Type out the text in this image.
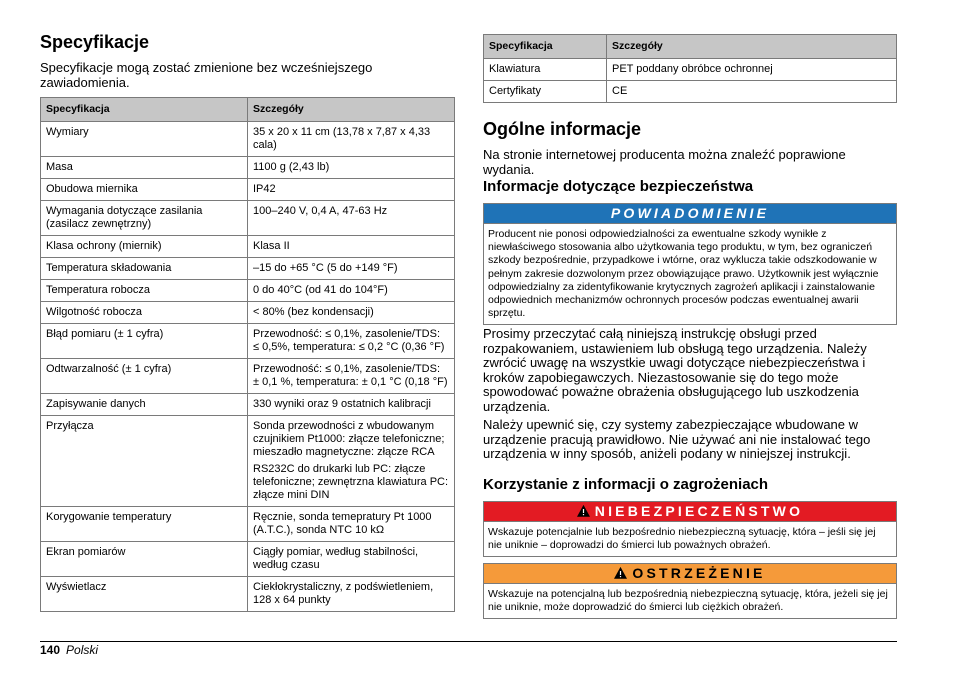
Specyfikacje

Specyfikacje mogą zostać zmienione bez wcześniejszego zawiadomienia.

Specyfikacja	Szczegóły
Wymiary	35 x 20 x 11 cm (13,78 x 7,87 x 4,33 cala)

Masa	1100 g (2,43 lb)

Obudowa miernika	IP42

Wymagania dotyczące zasilania (zasilacz zewnętrzny)	100–240 V, 0,4 A, 47-63 Hz

Klasa ochrony (miernik)	Klasa II

Temperatura składowania	–15 do +65 °C (5 do +149 °F)

Temperatura robocza	0 do 40°C (od 41 do 104°F)

Wilgotność robocza	< 80% (bez kondensacji)

Błąd pomiaru (± 1 cyfra)	Przewodność: ≤ 0,1%, zasolenie/TDS: ≤ 0,5%, temperatura: ≤ 0,2 °C (0,36 °F)

Odtwarzalność (± 1 cyfra)	Przewodność: ≤ 0,1%, zasolenie/TDS: ± 0,1 %, temperatura: ± 0,1 °C (0,18 °F)

Zapisywanie danych	330 wyniki oraz 9 ostatnich kalibracji

Przyłącza	Sonda przewodności z wbudowanym czujnikiem Pt1000: złącze telefoniczne; mieszadło magnetyczne: złącze RCA
RS232C do drukarki lub PC: złącze telefoniczne; zewnętrzna klawiatura PC: złącze mini DIN

Korygowanie temperatury	Ręcznie, sonda temepratury Pt 1000 (A.T.C.), sonda NTC 10 kΩ

Ekran pomiarów	Ciągły pomiar, według stabilności, według czasu

Wyświetlacz	Ciekłokrystaliczny, z podświetleniem, 128 x 64 punkty
Specyfikacja	Szczegóły
Klawiatura	PET poddany obróbce ochronnej

Certyfikaty	CE
Ogólne informacje

Na stronie internetowej producenta można znaleźć poprawione wydania.

Informacje dotyczące bezpieczeństwa
POWIADOMIENIE
Producent nie ponosi odpowiedzialności za ewentualne szkody wynikłe z niewłaściwego stosowania albo użytkowania tego produktu, w tym, bez ograniczeń szkody bezpośrednie, przypadkowe i wtórne, oraz wyklucza takie odszkodowanie w pełnym zakresie dozwolonym przez obowiązujące prawo. Użytkownik jest wyłącznie odpowiedzialny za zidentyfikowanie krytycznych zagrożeń aplikacji i zainstalowanie odpowiednich mechanizmów ochronnych procesów podczas ewentualnej awarii sprzętu.

Prosimy przeczytać całą niniejszą instrukcję obsługi przed rozpakowaniem, ustawieniem lub obsługą tego urządzenia. Należy zwrócić uwagę na wszystkie uwagi dotyczące niebezpieczeństwa i kroków zapobiegawczych. Niezastosowanie się do tego może spowodować poważne obrażenia obsługującego lub uszkodzenia urządzenia.

Należy upewnić się, czy systemy zabezpieczające wbudowane w urządzenie pracują prawidłowo. Nie używać ani nie instalować tego urządzenia w inny sposób, aniżeli podany w niniejszej instrukcji.

Korzystanie z informacji o zagrożeniach
NIEBEZPIECZEŃSTWO
Wskazuje potencjalnie lub bezpośrednio niebezpieczną sytuację, która – jeśli się jej nie uniknie – doprowadzi do śmierci lub poważnych obrażeń.
OSTRZEŻENIE
Wskazuje na potencjalną lub bezpośrednią niebezpieczną sytuację, która, jeżeli się jej nie uniknie, może doprowadzić do śmierci lub ciężkich obrażeń.
140 Polski
